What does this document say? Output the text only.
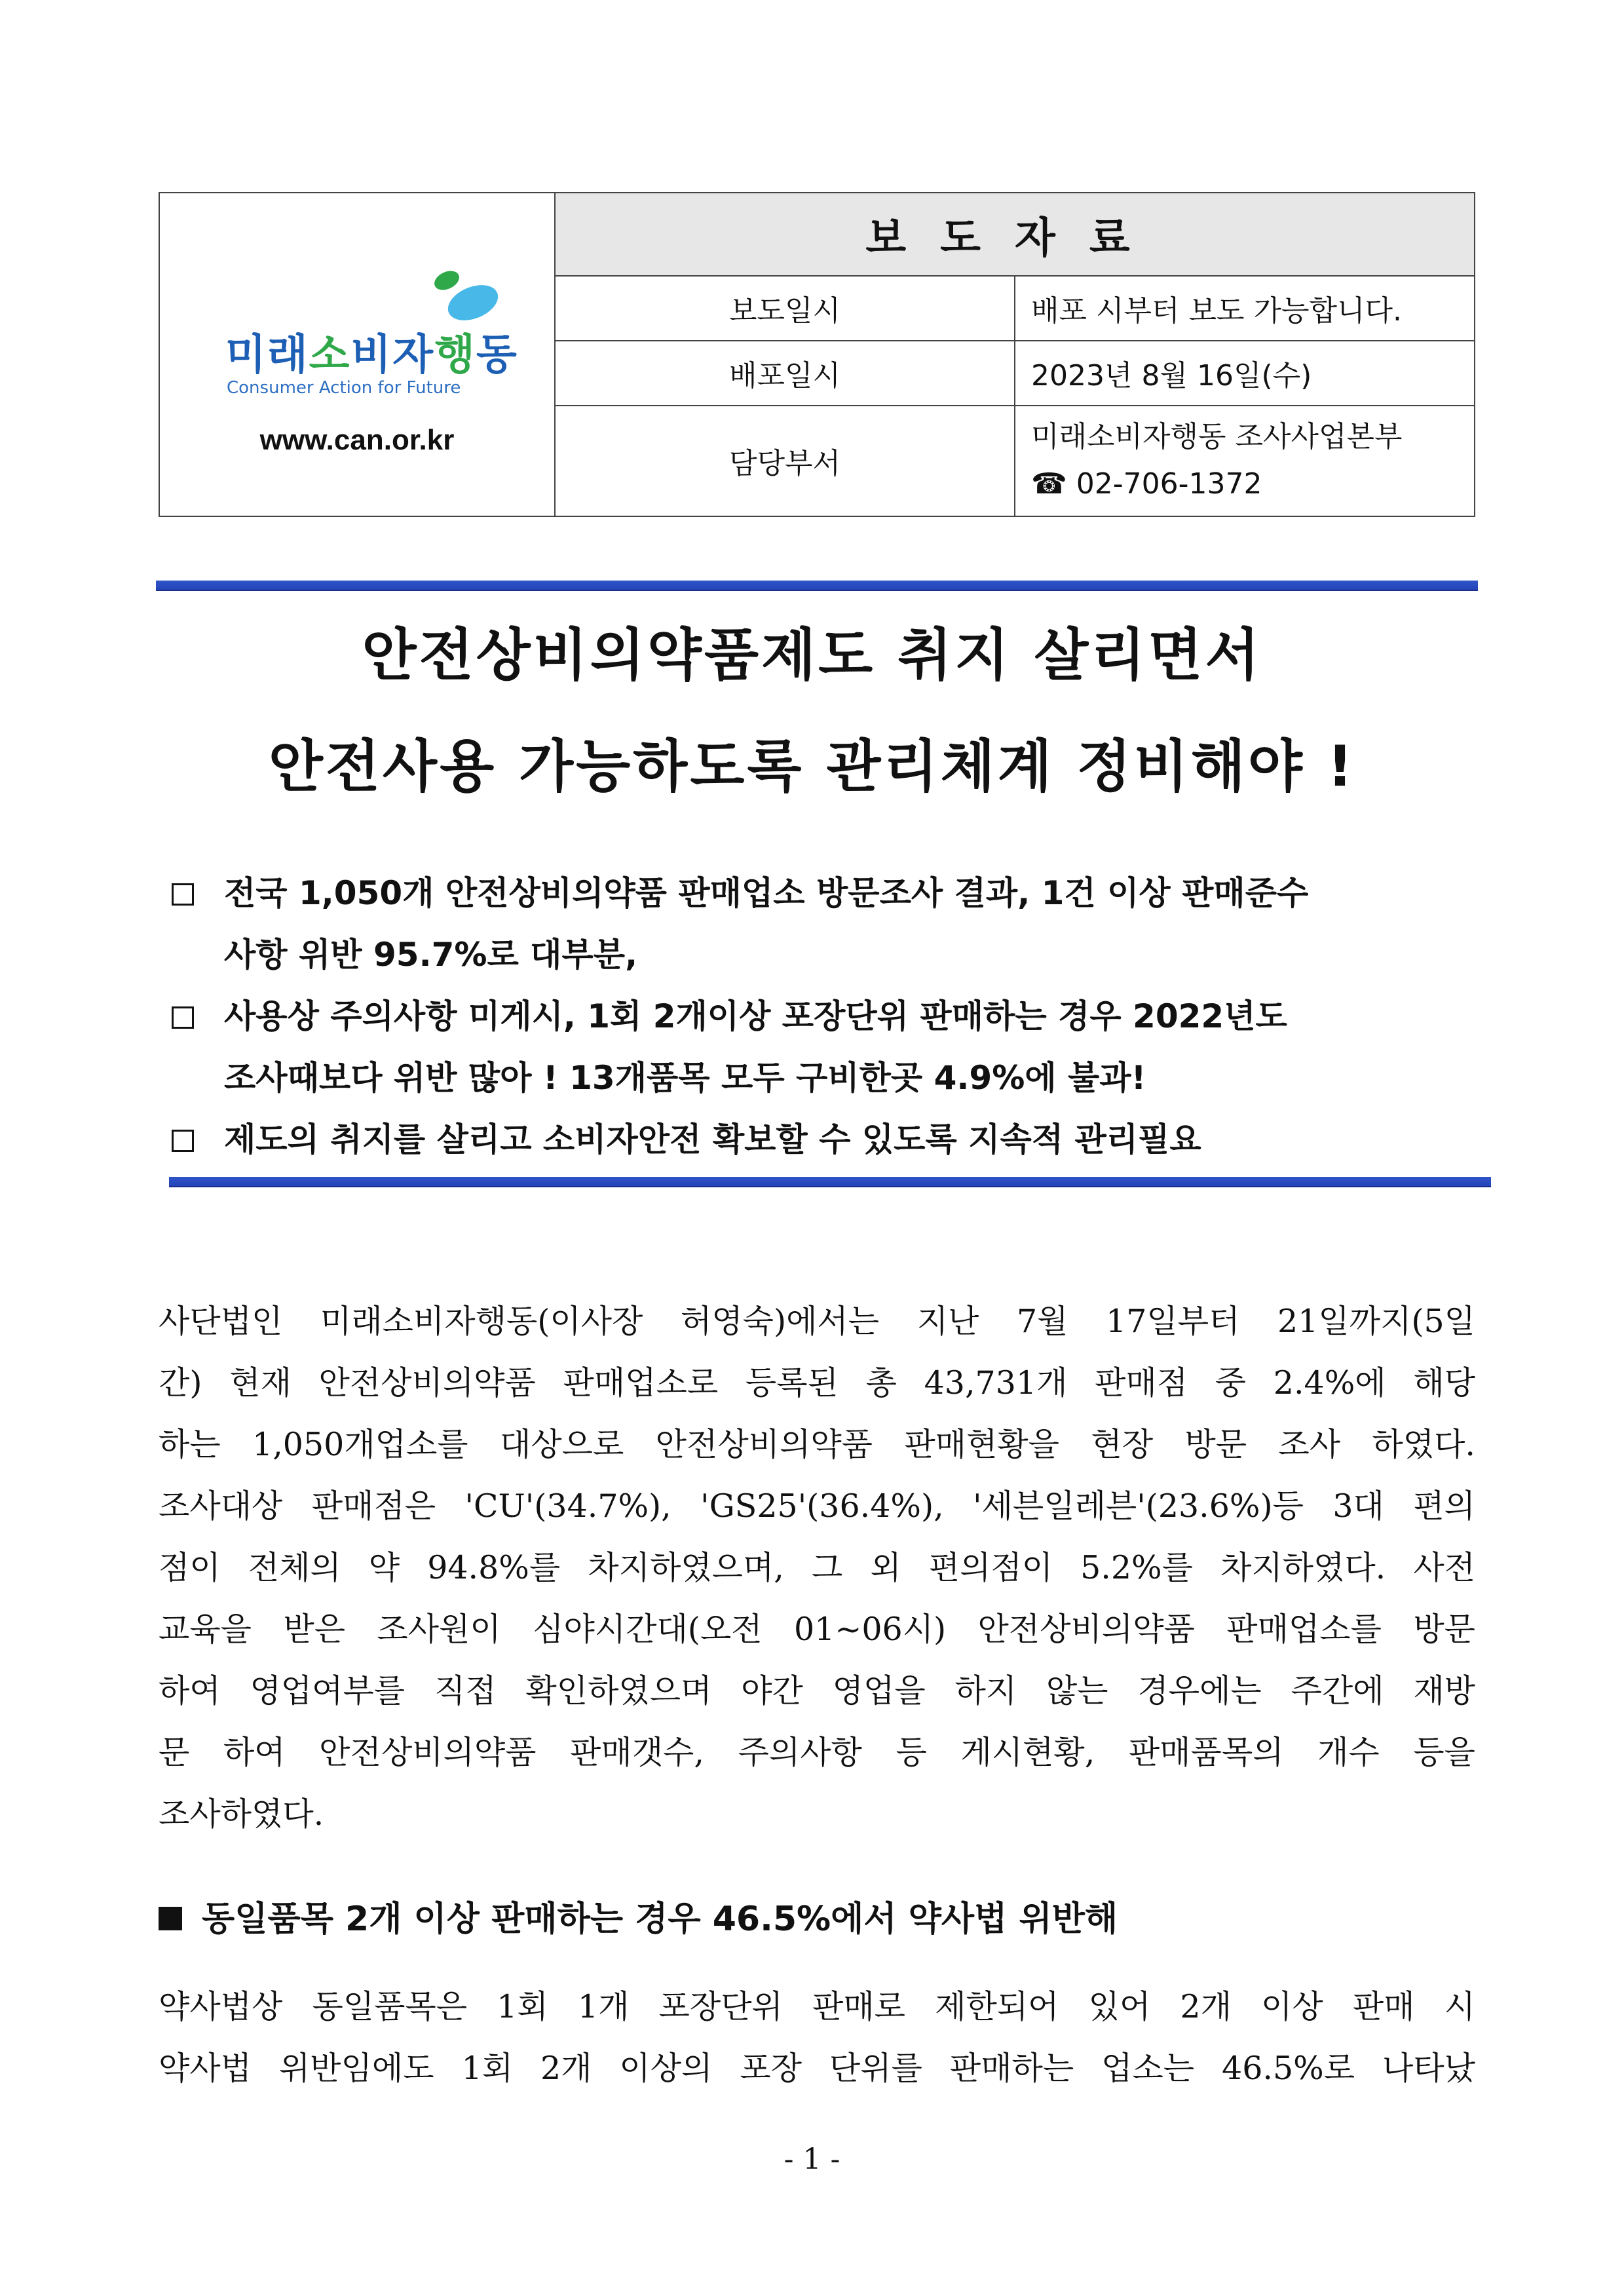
미래소비자행동
Consumer Action for Future
www.can.or.kr	보도자료	
	보도일시	배포 시부터 보도 가능합니다.
	배포일시	2023년 8월 16일(수)
	담당부서	미래소비자행동 조사사업본부
☎ 02-706-1372
안전상비의약품제도 취지 살리면서
안전사용 가능하도록 관리체계 정비해야 !
전국 1,050개 안전상비의약품 판매업소 방문조사 결과, 1건 이상 판매준수
사항 위반 95.7%로 대부분,
사용상 주의사항 미게시, 1회 2개이상 포장단위 판매하는 경우 2022년도
조사때보다 위반 많아 ! 13개품목 모두 구비한곳 4.9%에 불과!
제도의 취지를 살리고 소비자안전 확보할 수 있도록 지속적 관리필요
사단법인 미래소비자행동(이사장 허영숙)에서는 지난 7월 17일부터 21일까지(5일
간) 현재 안전상비의약품 판매업소로 등록된 총 43,731개 판매점 중 2.4%에 해당
하는 1,050개업소를 대상으로 안전상비의약품 판매현황을 현장 방문 조사 하였다.
조사대상 판매점은 'CU'(34.7%), 'GS25'(36.4%), '세븐일레븐'(23.6%)등 3대 편의
점이 전체의 약 94.8%를 차지하였으며, 그 외 편의점이 5.2%를 차지하였다. 사전
교육을 받은 조사원이 심야시간대(오전 01~06시) 안전상비의약품 판매업소를 방문
하여 영업여부를 직접 확인하였으며 야간 영업을 하지 않는 경우에는 주간에 재방
문 하여 안전상비의약품 판매갯수, 주의사항 등 게시현황, 판매품목의 개수 등을
조사하였다.
동일품목 2개 이상 판매하는 경우 46.5%에서 약사법 위반해
약사법상 동일품목은 1회 1개 포장단위 판매로 제한되어 있어 2개 이상 판매 시
약사법 위반임에도 1회 2개 이상의 포장 단위를 판매하는 업소는 46.5%로 나타났
- 1 -
